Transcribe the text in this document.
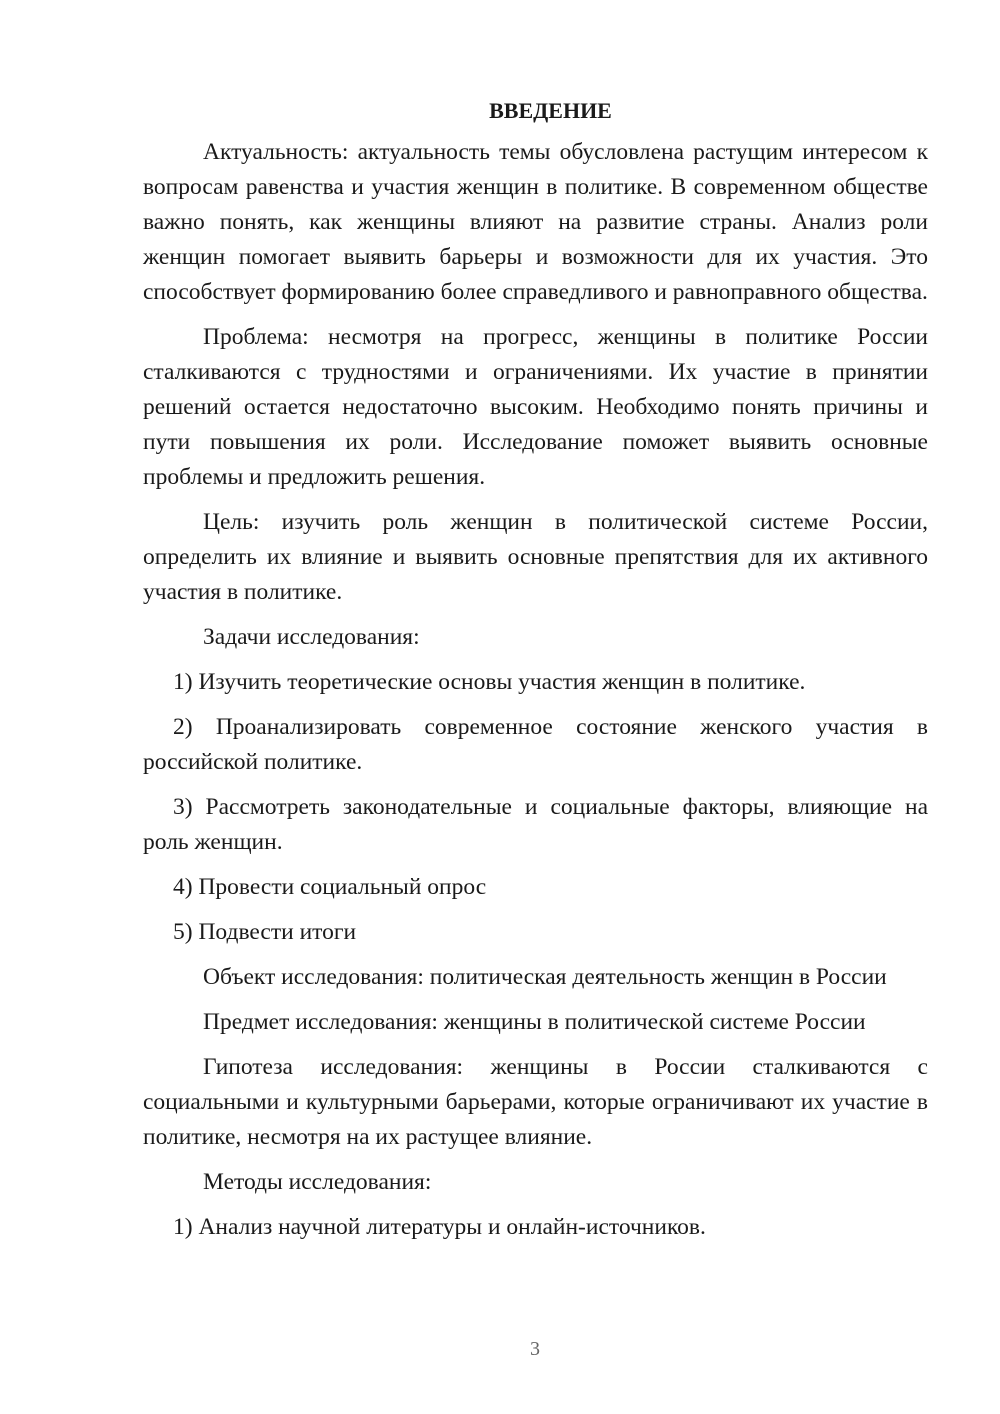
ВВЕДЕНИЕ

Актуальность: актуальность темы обусловлена растущим интересом к вопросам равенства и участия женщин в политике. В современном обществе важно понять, как женщины влияют на развитие страны. Анализ роли женщин помогает выявить барьеры и возможности для их участия. Это способствует формированию более справедливого и равноправного общества.

Проблема: несмотря на прогресс, женщины в политике России сталкиваются с трудностями и ограничениями. Их участие в принятии решений остается недостаточно высоким. Необходимо понять причины и пути повышения их роли. Исследование поможет выявить основные проблемы и предложить решения.

Цель: изучить роль женщин в политической системе России, определить их влияние и выявить основные препятствия для их активного участия в политике.

Задачи исследования:

1) Изучить теоретические основы участия женщин в политике.

2) Проанализировать современное состояние женского участия в российской политике.

3) Рассмотреть законодательные и социальные факторы, влияющие на роль женщин.

4) Провести социальный опрос

5) Подвести итоги

Объект исследования: политическая деятельность женщин в России

Предмет исследования: женщины в политической системе России

Гипотеза исследования: женщины в России сталкиваются с социальными и культурными барьерами, которые ограничивают их участие в политике, несмотря на их растущее влияние.

Методы исследования:

1) Анализ научной литературы и онлайн-источников.

3
